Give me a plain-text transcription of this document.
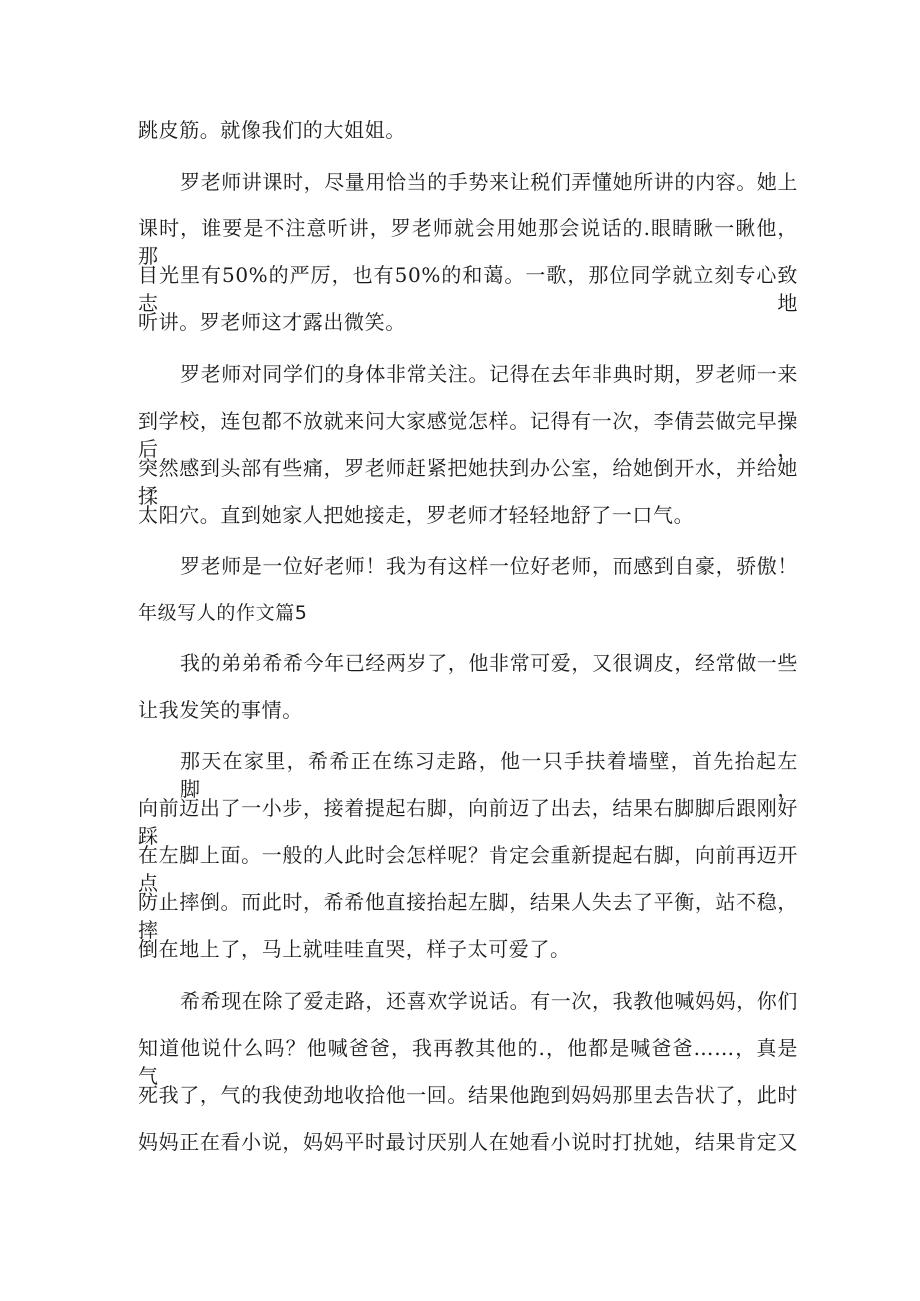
跳皮筋。就像我们的大姐姐。
罗老师讲课时，尽量用恰当的手势来让税们弄懂她所讲的内容。她上
课时，谁要是不注意听讲，罗老师就会用她那会说话的.眼睛瞅一瞅他，那
目光里有50%的严厉，也有50%的和蔼。一歌，那位同学就立刻专心致志地
听讲。罗老师这才露出微笑。
罗老师对同学们的身体非常关注。记得在去年非典时期，罗老师一来
到学校，连包都不放就来问大家感觉怎样。记得有一次，李倩芸做完早操后，
突然感到头部有些痛，罗老师赶紧把她扶到办公室，给她倒开水，并给她揉
太阳穴。直到她家人把她接走，罗老师才轻轻地舒了一口气。
罗老师是一位好老师！我为有这样一位好老师，而感到自豪，骄傲！
年级写人的作文篇5
我的弟弟希希今年已经两岁了，他非常可爱，又很调皮，经常做一些
让我发笑的事情。
那天在家里，希希正在练习走路，他一只手扶着墙壁，首先抬起左脚，
向前迈出了一小步，接着提起右脚，向前迈了出去，结果右脚脚后跟刚好踩
在左脚上面。一般的人此时会怎样呢？肯定会重新提起右脚，向前再迈开点
防止摔倒。而此时，希希他直接抬起左脚，结果人失去了平衡，站不稳，摔
倒在地上了，马上就哇哇直哭，样子太可爱了。
希希现在除了爱走路，还喜欢学说话。有一次，我教他喊妈妈，你们
知道他说什么吗？他喊爸爸，我再教其他的.，他都是喊爸爸……，真是气
死我了，气的我使劲地收拾他一回。结果他跑到妈妈那里去告状了，此时
妈妈正在看小说，妈妈平时最讨厌别人在她看小说时打扰她，结果肯定又
